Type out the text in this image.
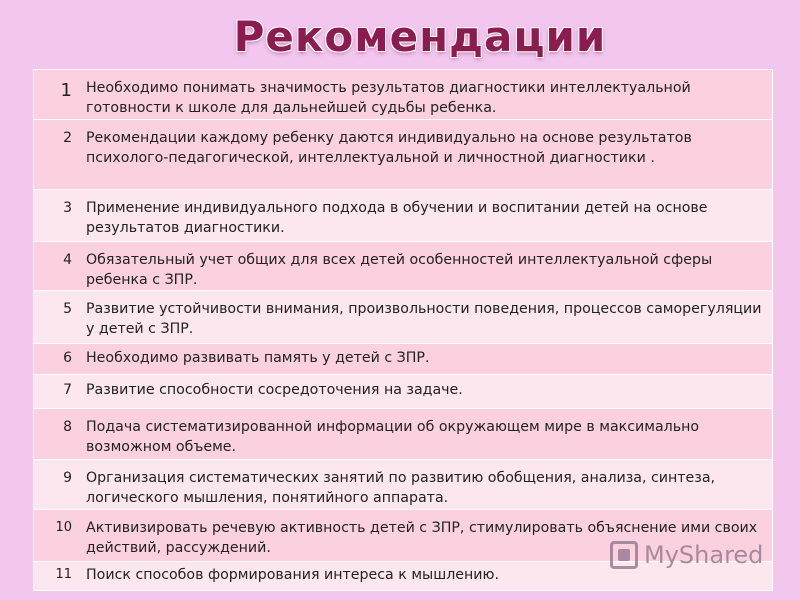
Рекомендации
1 Необходимо понимать значимость результатов диагностики интеллектуальной готовности к школе для дальнейшей судьбы ребенка.
2 Рекомендации каждому ребенку даются индивидуально на основе результатов психолого-педагогической, интеллектуальной и личностной диагностики .
3 Применение индивидуального подхода в обучении и воспитании детей на основе результатов диагностики.
4 Обязательный учет общих для всех детей особенностей интеллектуальной сферы ребенка с ЗПР.
5 Развитие устойчивости внимания, произвольности поведения, процессов саморегуляции у детей с ЗПР.
6 Необходимо развивать память у детей с ЗПР.
7 Развитие способности сосредоточения на задаче.
8 Подача систематизированной информации об окружающем мире в максимально возможном объеме.
9 Организация систематических занятий по развитию обобщения, анализа, синтеза, логического мышления, понятийного аппарата.
10 Активизировать речевую активность детей с ЗПР, стимулировать объяснение ими своих действий, рассуждений.
11 Поиск способов формирования интереса к мышлению.
MyShared
